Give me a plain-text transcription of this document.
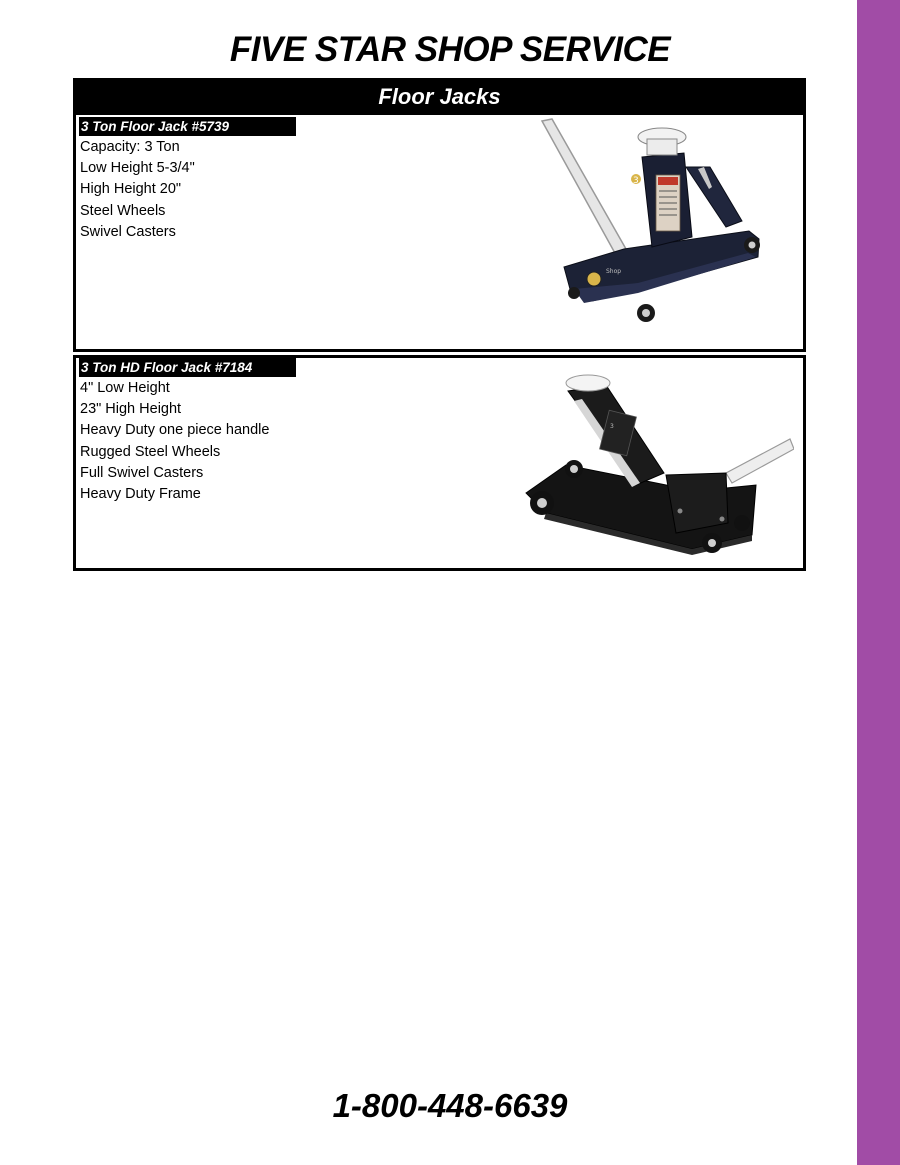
FIVE STAR SHOP SERVICE
Floor Jacks
3 Ton Floor Jack #5739
Capacity: 3 Ton
Low Height 5-3/4"
High Height 20"
Steel Wheels
Swivel Casters
3
Shop
3 Ton HD Floor Jack #7184
4" Low Height
23" High Height
Heavy Duty one piece handle
Rugged Steel Wheels
Full Swivel Casters
Heavy Duty Frame
3
1-800-448-6639
